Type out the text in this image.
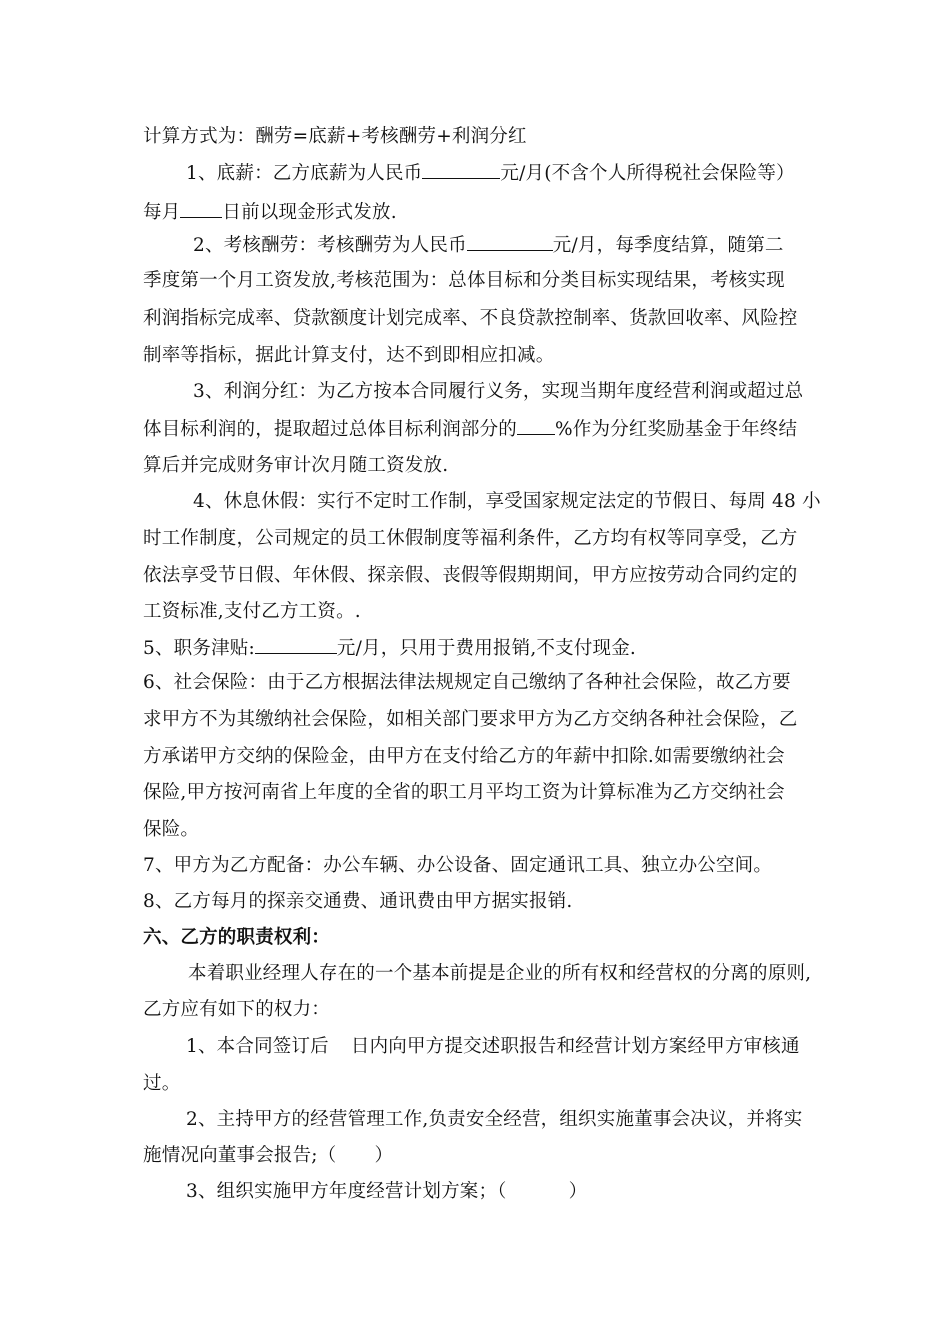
计算方式为：酬劳=底薪+考核酬劳+利润分红
1、底薪：乙方底薪为人民币	元/月(不含个人所得税社会保险等）
每月 日前以现金形式发放.
2、考核酬劳：考核酬劳为人民币	元/月，每季度结算，随第二
季度第一个月工资发放,考核范围为：总体目标和分类目标实现结果，考核实现
利润指标完成率、贷款额度计划完成率、不良贷款控制率、货款回收率、风险控
制率等指标，据此计算支付，达不到即相应扣减。
3、利润分红：为乙方按本合同履行义务，实现当期年度经营利润或超过总
体目标利润的，提取超过总体目标利润部分的 %作为分红奖励基金于年终结
算后并完成财务审计次月随工资发放.
4、休息休假：实行不定时工作制，享受国家规定法定的节假日、每周 48 小
时工作制度，公司规定的员工休假制度等福利条件，乙方均有权等同享受，乙方
依法享受节日假、年休假、探亲假、丧假等假期期间，甲方应按劳动合同约定的
工资标准,支付乙方工资。.
5、职务津贴:	元/月，只用于费用报销,不支付现金.
6、社会保险：由于乙方根据法律法规规定自己缴纳了各种社会保险，故乙方要
求甲方不为其缴纳社会保险，如相关部门要求甲方为乙方交纳各种社会保险，乙
方承诺甲方交纳的保险金，由甲方在支付给乙方的年薪中扣除.如需要缴纳社会
保险,甲方按河南省上年度的全省的职工月平均工资为计算标准为乙方交纳社会
保险。
7、甲方为乙方配备：办公车辆、办公设备、固定通讯工具、独立办公空间。
8、乙方每月的探亲交通费、通讯费由甲方据实报销.
六、乙方的职责权利：
本着职业经理人存在的一个基本前提是企业的所有权和经营权的分离的原则,
乙方应有如下的权力：
1、本合同签订后 日内向甲方提交述职报告和经营计划方案经甲方审核通
过。
2、主持甲方的经营管理工作,负责安全经营，组织实施董事会决议，并将实
施情况向董事会报告;（ ）
3、组织实施甲方年度经营计划方案；（	）
